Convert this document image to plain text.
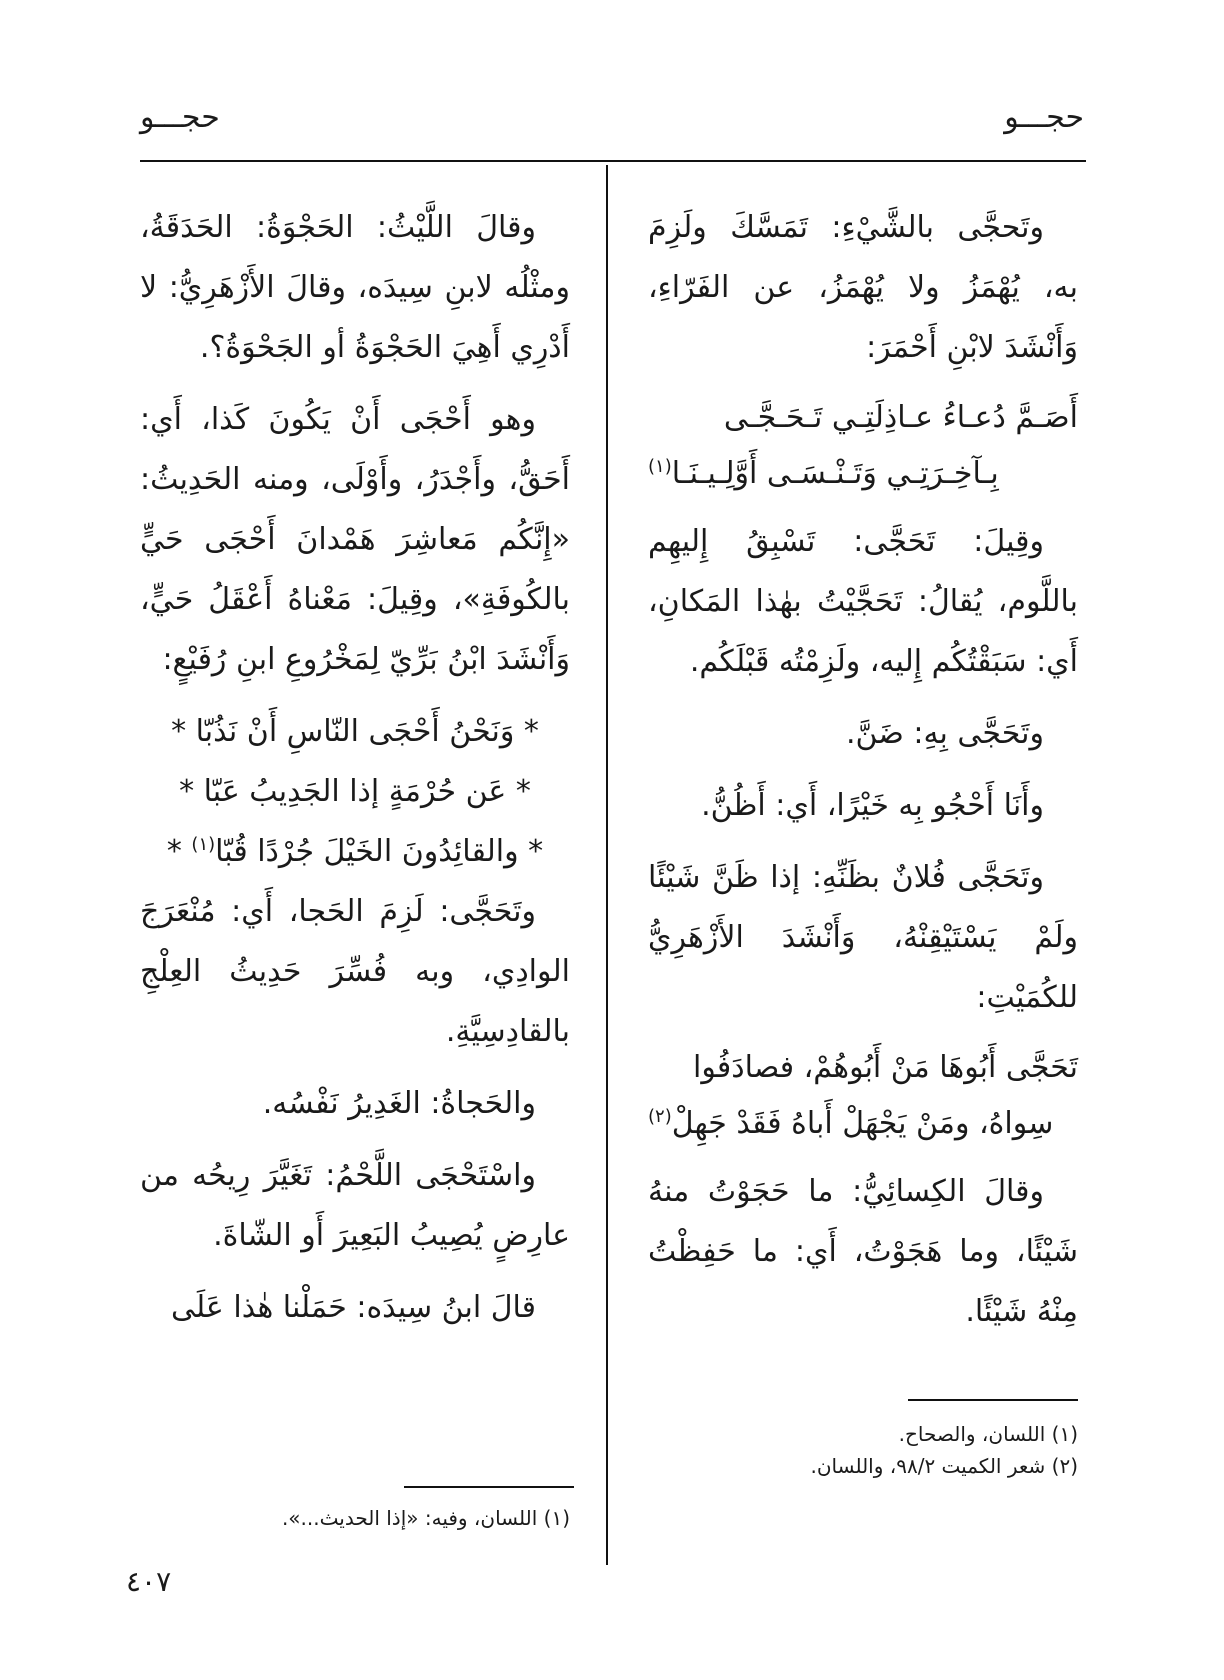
حجـــو
حجـــو

وتَحجَّى بالشَّيْءِ: تَمَسَّكَ ولَزِمَ به، يُهْمَزُ ولا يُهْمَزُ، عن الفَرّاءِ، وَأَنْشَدَ لابْنِ أَحْمَرَ:

أَصَـمَّ دُعـاءُ عـاذِلَتِـي تَـحَـجَّـى
بِـآخِـرَتِـي وَتَـنْـسَـى أَوَّلِـيـنَـا$^{(١)}$

وقِيلَ: تَحَجَّى: تَسْبِقُ إِليهِم باللَّوم، يُقالُ: تَحَجَّيْتُ بهٰذا المَكانِ، أَي: سَبَقْتُكُم إِليه، ولَزِمْتُه قَبْلَكُم.

وتَحَجَّى بِهِ: ضَنَّ.

وأَنَا أَحْجُو بِه خَيْرًا، أَي: أَظُنُّ.

وتَحَجَّى فُلانٌ بظَنِّهِ: إذا ظَنَّ شَيْئًا ولَمْ يَسْتَيْقِنْهُ، وَأَنْشَدَ الأَزْهَرِيُّ للكُمَيْتِ:

تَحَجَّى أَبُوهَا مَنْ أَبُوهُمْ، فصادَفُوا
سِواهُ، ومَنْ يَجْهَلْ أَباهُ فَقَدْ جَهِلْ$^{(٢)}$

وقالَ الكِسائِيُّ: ما حَجَوْتُ منهُ شَيْئًا، وما هَجَوْتُ، أَي: ما حَفِظْتُ مِنْهُ شَيْئًا.

وقالَ اللَّيْثُ: الحَجْوَةُ: الحَدَقَةُ، ومثْلُه لابنِ سِيدَه، وقالَ الأَزْهَرِيُّ: لا أَدْرِي أَهِيَ الحَجْوَةُ أو الجَحْوَةُ؟.

وهو أَحْجَى أَنْ يَكُونَ كَذا، أَي: أَحَقُّ، وأَجْدَرُ، وأَوْلَى، ومنه الحَدِيثُ: «إِنَّكُم مَعاشِرَ هَمْدانَ أَحْجَى حَيٍّ بالكُوفَةِ»، وقِيلَ: مَعْناهُ أَعْقَلُ حَيٍّ، وَأَنْشَدَ ابْنُ بَرِّيّ لِمَخْرُوعِ ابنِ رُفَيْعٍ:

* وَنَحْنُ أَحْجَى النّاسِ أَنْ نَذُبّا *

* عَن حُرْمَةٍ إذا الجَدِيبُ عَبّا *

* والقائِدُونَ الخَيْلَ جُرْدًا قُبّا$^{(١)}$ *

وتَحَجَّى: لَزِمَ الحَجا، أَي: مُنْعَرَجَ الوادِي، وبه فُسِّرَ حَدِيثُ العِلْجِ بالقادِسِيَّةِ.

والحَجاةُ: الغَدِيرُ نَفْسُه.

واسْتَحْجَى اللَّحْمُ: تَغَيَّرَ رِيحُه من عارِضٍ يُصِيبُ البَعِيرَ أَو الشّاةَ.

قالَ ابنُ سِيدَه: حَمَلْنا هٰذا عَلَى

(١) اللسان، والصحاح.
(٢) شعر الكميت ٩٨/٢، واللسان.
(١) اللسان، وفيه: «إذا الحديث...».
٤٠٧
